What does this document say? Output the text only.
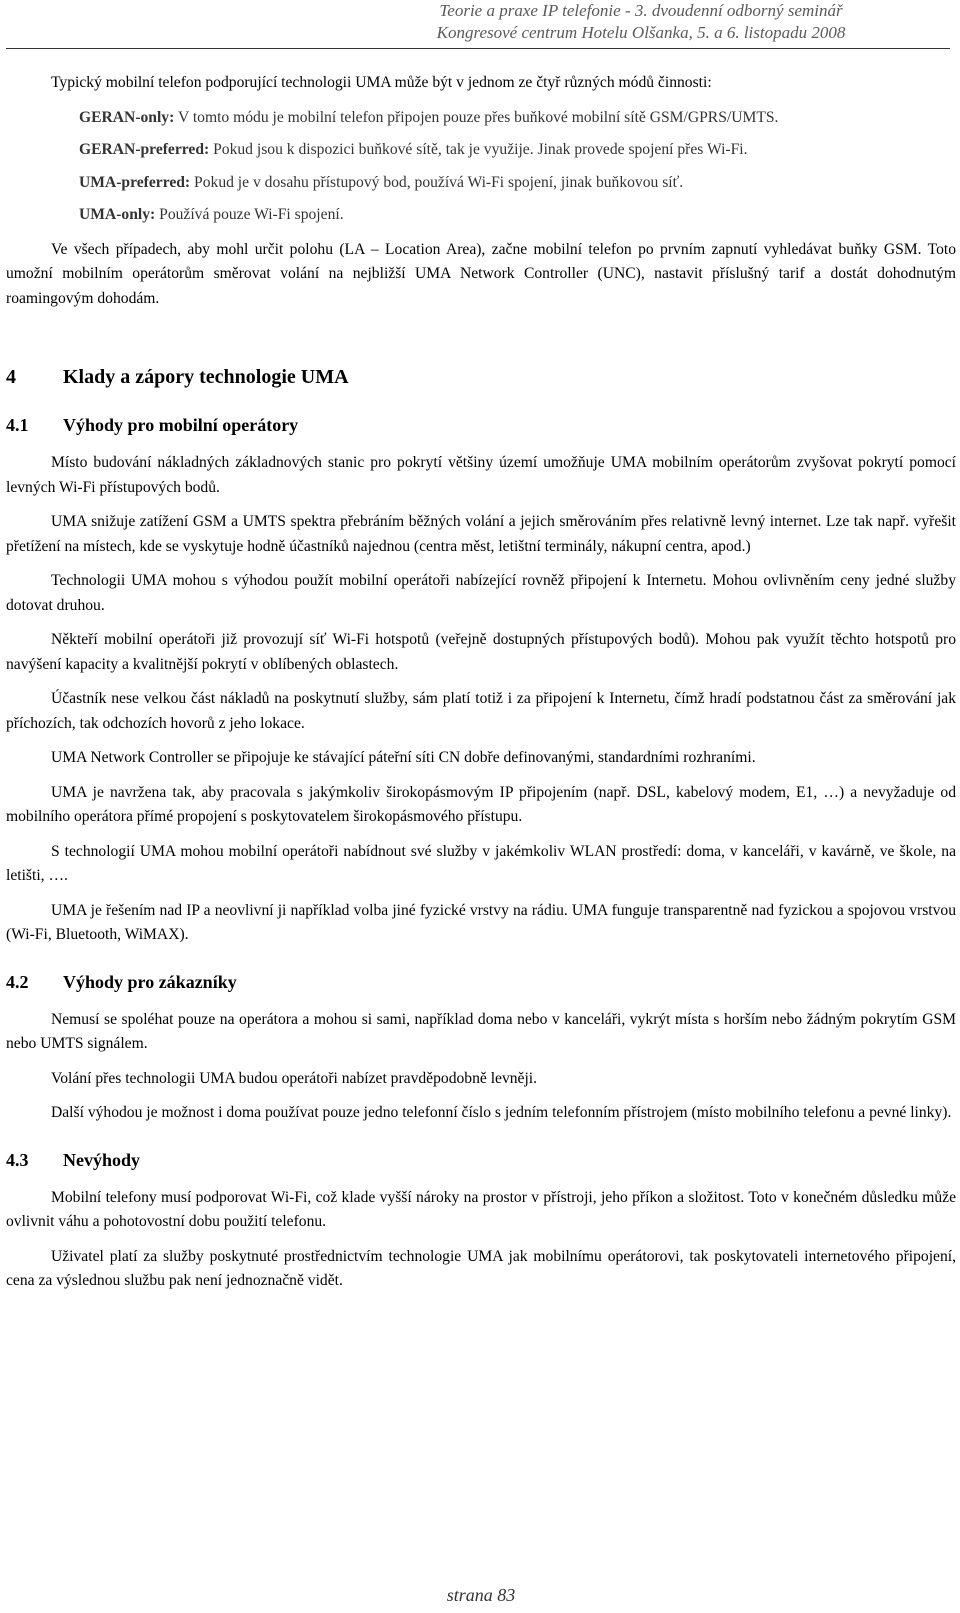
Teorie a praxe IP telefonie - 3. dvoudenní odborný seminář
Kongresové centrum Hotelu Olšanka, 5. a 6. listopadu 2008

Typický mobilní telefon podporující technologii UMA může být v jednom ze čtyř různých módů činnosti:

GERAN-only: V tomto módu je mobilní telefon připojen pouze přes buňkové mobilní sítě GSM/GPRS/UMTS.

GERAN-preferred: Pokud jsou k dispozici buňkové sítě, tak je využije. Jinak provede spojení přes Wi-Fi.

UMA-preferred: Pokud je v dosahu přístupový bod, používá Wi-Fi spojení, jinak buňkovou síť.

UMA-only: Používá pouze Wi-Fi spojení.

Ve všech případech, aby mohl určit polohu (LA – Location Area), začne mobilní telefon po prvním zapnutí vyhledávat buňky GSM. Toto umožní mobilním operátorům směrovat volání na nejbližší UMA Network Controller (UNC), nastavit příslušný tarif a dostát dohodnutým roamingovým dohodám.

4 Klady a zápory technologie UMA
4.1 Výhody pro mobilní operátory

Místo budování nákladných základnových stanic pro pokrytí většiny území umožňuje UMA mobilním operátorům zvyšovat pokrytí pomocí levných Wi-Fi přístupových bodů.

UMA snižuje zatížení GSM a UMTS spektra přebráním běžných volání a jejich směrováním přes relativně levný internet. Lze tak např. vyřešit přetížení na místech, kde se vyskytuje hodně účastníků najednou (centra měst, letištní terminály, nákupní centra, apod.)

Technologii UMA mohou s výhodou použít mobilní operátoři nabízející rovněž připojení k Internetu. Mohou ovlivněním ceny jedné služby dotovat druhou.

Někteří mobilní operátoři již provozují síť Wi-Fi hotspotů (veřejně dostupných přístupových bodů). Mohou pak využít těchto hotspotů pro navýšení kapacity a kvalitnější pokrytí v oblíbených oblastech.

Účastník nese velkou část nákladů na poskytnutí služby, sám platí totiž i za připojení k Internetu, čímž hradí podstatnou část za směrování jak příchozích, tak odchozích hovorů z jeho lokace.

UMA Network Controller se připojuje ke stávající páteřní síti CN dobře definovanými, standardními rozhraními.

UMA je navržena tak, aby pracovala s jakýmkoliv širokopásmovým IP připojením (např. DSL, kabelový modem, E1, …) a nevyžaduje od mobilního operátora přímé propojení s poskytovatelem širokopásmového přístupu.

S technologií UMA mohou mobilní operátoři nabídnout své služby v jakémkoliv WLAN prostředí: doma, v kanceláři, v kavárně, ve škole, na letišti, ….

UMA je řešením nad IP a neovlivní ji například volba jiné fyzické vrstvy na rádiu. UMA funguje transparentně nad fyzickou a spojovou vrstvou (Wi-Fi, Bluetooth, WiMAX).

4.2 Výhody pro zákazníky

Nemusí se spoléhat pouze na operátora a mohou si sami, například doma nebo v kanceláři, vykrýt místa s horším nebo žádným pokrytím GSM nebo UMTS signálem.

Volání přes technologii UMA budou operátoři nabízet pravděpodobně levněji.

Další výhodou je možnost i doma používat pouze jedno telefonní číslo s jedním telefonním přístrojem (místo mobilního telefonu a pevné linky).

4.3 Nevýhody

Mobilní telefony musí podporovat Wi-Fi, což klade vyšší nároky na prostor v přístroji, jeho příkon a složitost. Toto v konečném důsledku může ovlivnit váhu a pohotovostní dobu použití telefonu.

Uživatel platí za služby poskytnuté prostřednictvím technologie UMA jak mobilnímu operátorovi, tak poskytovateli internetového připojení, cena za výslednou službu pak není jednoznačně vidět.

strana 83
